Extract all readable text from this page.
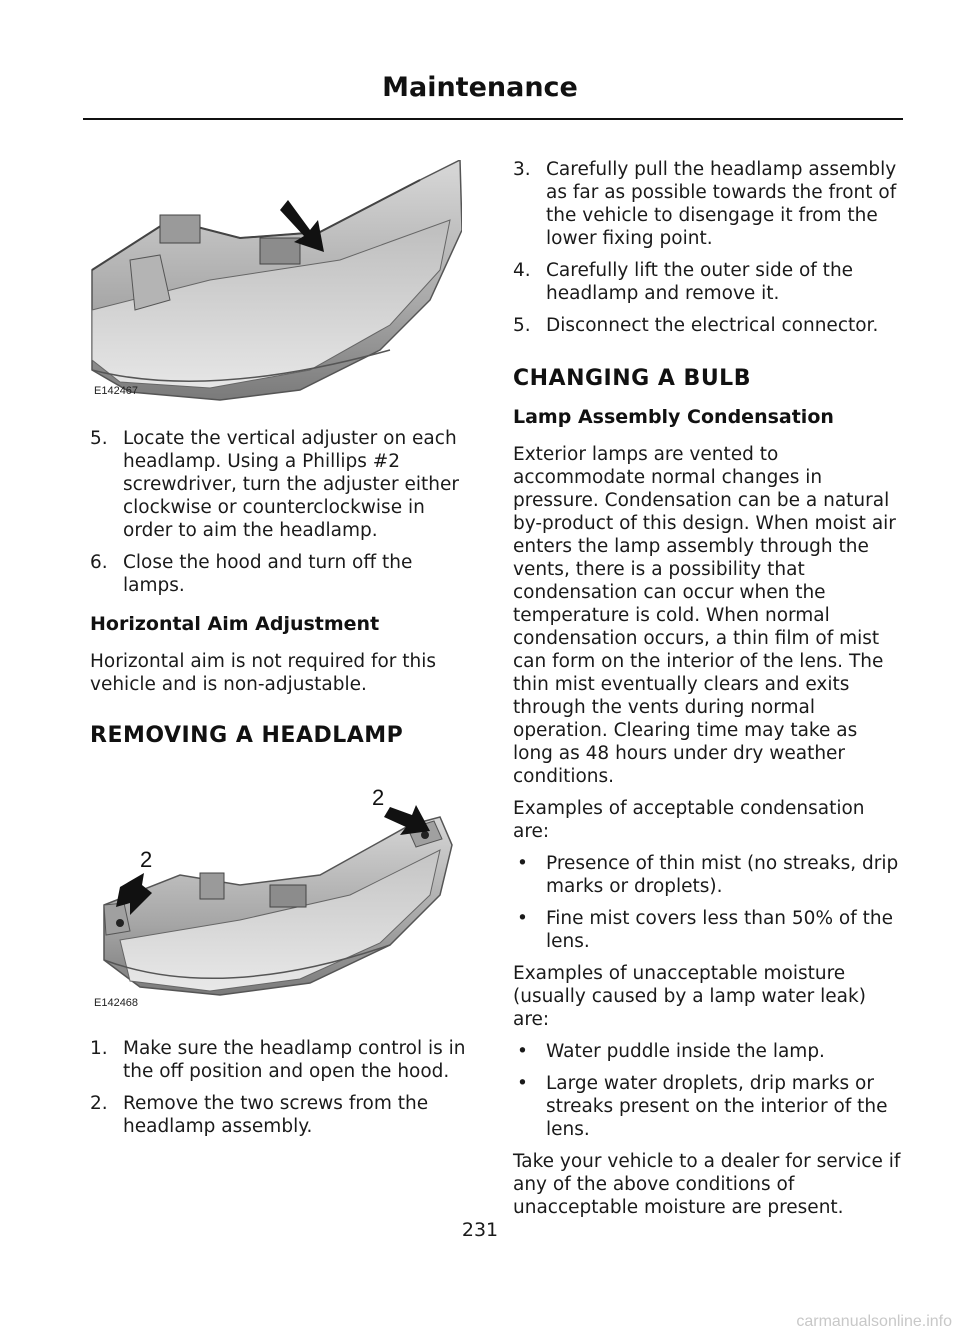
Maintenance
E142467
5. Locate the vertical adjuster on each headlamp. Using a Phillips #2 screwdriver, turn the adjuster either clockwise or counterclockwise in order to aim the headlamp.
6. Close the hood and turn off the lamps.
Horizontal Aim Adjustment

Horizontal aim is not required for this vehicle and is non-adjustable.

REMOVING A HEADLAMP
2
2
E142468
1. Make sure the headlamp control is in the off position and open the hood.
2. Remove the two screws from the headlamp assembly.
3. Carefully pull the headlamp assembly as far as possible towards the front of the vehicle to disengage it from the lower fixing point.
4. Carefully lift the outer side of the headlamp and remove it.
5. Disconnect the electrical connector.
CHANGING A BULB
Lamp Assembly Condensation

Exterior lamps are vented to accommodate normal changes in pressure. Condensation can be a natural by-product of this design. When moist air enters the lamp assembly through the vents, there is a possibility that condensation can occur when the temperature is cold. When normal condensation occurs, a thin film of mist can form on the interior of the lens. The thin mist eventually clears and exits through the vents during normal operation. Clearing time may take as long as 48 hours under dry weather conditions.

Examples of acceptable condensation are:

• Presence of thin mist (no streaks, drip marks or droplets).
• Fine mist covers less than 50% of the lens.

Examples of unacceptable moisture (usually caused by a lamp water leak) are:

• Water puddle inside the lamp.
• Large water droplets, drip marks or streaks present on the interior of the lens.

Take your vehicle to a dealer for service if any of the above conditions of unacceptable moisture are present.

231
carmanualsonline.info
